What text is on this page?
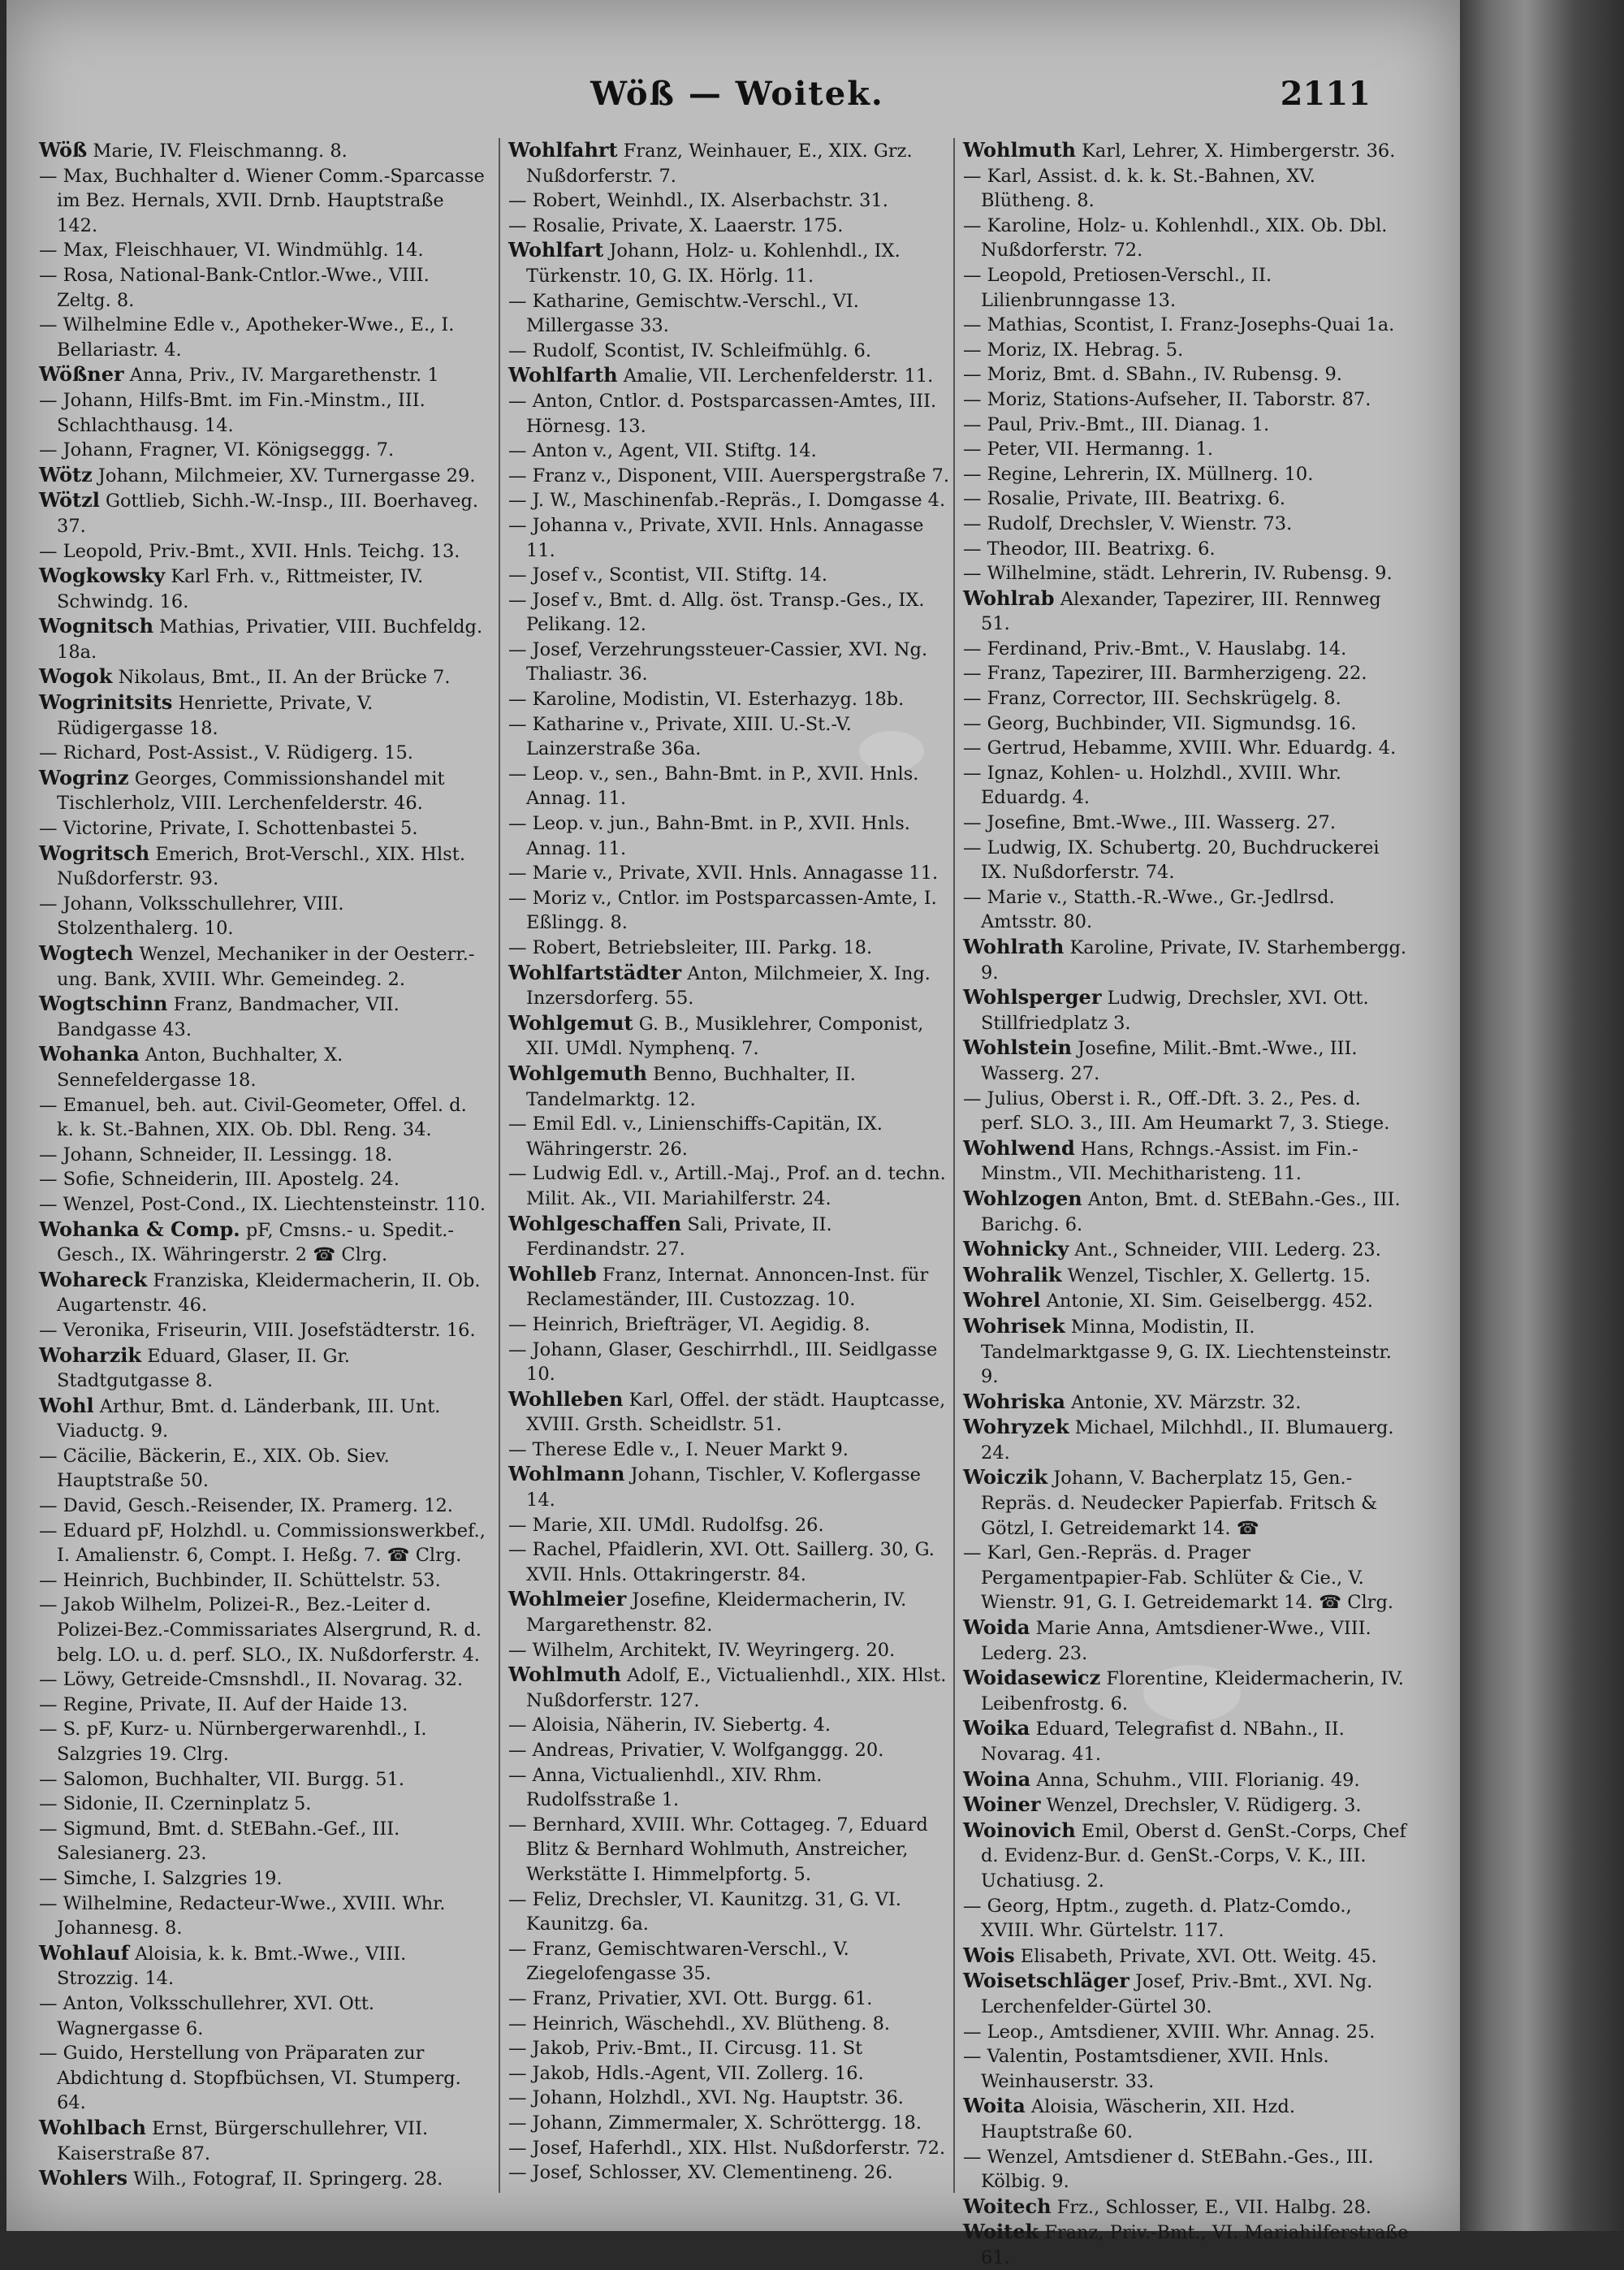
Wöß — Woitek.	2111

Wöß Marie, IV. Fleischmanng. 8.

— Max, Buchhalter d. Wiener Comm.-Sparcasse im Bez. Hernals, XVII. Drnb. Hauptstraße 142.

— Max, Fleischhauer, VI. Windmühlg. 14.

— Rosa, National-Bank-Cntlor.-Wwe., VIII. Zeltg. 8.

— Wilhelmine Edle v., Apotheker-Wwe., E., I. Bellariastr. 4.

Wößner Anna, Priv., IV. Margarethenstr. 1

— Johann, Hilfs-Bmt. im Fin.-Minstm., III. Schlachthausg. 14.

— Johann, Fragner, VI. Königseggg. 7.

Wötz Johann, Milchmeier, XV. Turnergasse 29.

Wötzl Gottlieb, Sichh.-W.-Insp., III. Boerhaveg. 37.

— Leopold, Priv.-Bmt., XVII. Hnls. Teichg. 13.

Wogkowsky Karl Frh. v., Rittmeister, IV. Schwindg. 16.

Wognitsch Mathias, Privatier, VIII. Buchfeldg. 18a.

Wogok Nikolaus, Bmt., II. An der Brücke 7.

Wogrinitsits Henriette, Private, V. Rüdigergasse 18.

— Richard, Post-Assist., V. Rüdigerg. 15.

Wogrinz Georges, Commissionshandel mit Tischlerholz, VIII. Lerchenfelderstr. 46.

— Victorine, Private, I. Schottenbastei 5.

Wogritsch Emerich, Brot-Verschl., XIX. Hlst. Nußdorferstr. 93.

— Johann, Volksschullehrer, VIII. Stolzenthalerg. 10.

Wogtech Wenzel, Mechaniker in der Oesterr.-ung. Bank, XVIII. Whr. Gemeindeg. 2.

Wogtschinn Franz, Bandmacher, VII. Bandgasse 43.

Wohanka Anton, Buchhalter, X. Sennefeldergasse 18.

— Emanuel, beh. aut. Civil-Geometer, Offel. d. k. k. St.-Bahnen, XIX. Ob. Dbl. Reng. 34.

— Johann, Schneider, II. Lessingg. 18.

— Sofie, Schneiderin, III. Apostelg. 24.

— Wenzel, Post-Cond., IX. Liechtensteinstr. 110.

Wohanka & Comp. pF, Cmsns.- u. Spedit.-Gesch., IX. Währingerstr. 2 ☎ Clrg.

Wohareck Franziska, Kleidermacherin, II. Ob. Augartenstr. 46.

— Veronika, Friseurin, VIII. Josefstädterstr. 16.

Woharzik Eduard, Glaser, II. Gr. Stadtgutgasse 8.

Wohl Arthur, Bmt. d. Länderbank, III. Unt. Viaductg. 9.

— Cäcilie, Bäckerin, E., XIX. Ob. Siev. Hauptstraße 50.

— David, Gesch.-Reisender, IX. Pramerg. 12.

— Eduard pF, Holzhdl. u. Commissionswerkbef., I. Amalienstr. 6, Compt. I. Heßg. 7. ☎ Clrg.

— Heinrich, Buchbinder, II. Schüttelstr. 53.

— Jakob Wilhelm, Polizei-R., Bez.-Leiter d. Polizei-Bez.-Commissariates Alsergrund, R. d. belg. LO. u. d. perf. SLO., IX. Nußdorferstr. 4.

— Löwy, Getreide-Cmsnshdl., II. Novarag. 32.

— Regine, Private, II. Auf der Haide 13.

— S. pF, Kurz- u. Nürnbergerwarenhdl., I. Salzgries 19. Clrg.

— Salomon, Buchhalter, VII. Burgg. 51.

— Sidonie, II. Czerninplatz 5.

— Sigmund, Bmt. d. StEBahn.-Gef., III. Salesianerg. 23.

— Simche, I. Salzgries 19.

— Wilhelmine, Redacteur-Wwe., XVIII. Whr. Johannesg. 8.

Wohlauf Aloisia, k. k. Bmt.-Wwe., VIII. Strozzig. 14.

— Anton, Volksschullehrer, XVI. Ott. Wagnergasse 6.

— Guido, Herstellung von Präparaten zur Abdichtung d. Stopfbüchsen, VI. Stumperg. 64.

Wohlbach Ernst, Bürgerschullehrer, VII. Kaiserstraße 87.

Wohlers Wilh., Fotograf, II. Springerg. 28.

Wohlfahrt Franz, Weinhauer, E., XIX. Grz. Nußdorferstr. 7.

— Robert, Weinhdl., IX. Alserbachstr. 31.

— Rosalie, Private, X. Laaerstr. 175.

Wohlfart Johann, Holz- u. Kohlenhdl., IX. Türkenstr. 10, G. IX. Hörlg. 11.

— Katharine, Gemischtw.-Verschl., VI. Millergasse 33.

— Rudolf, Scontist, IV. Schleifmühlg. 6.

Wohlfarth Amalie, VII. Lerchenfelderstr. 11.

— Anton, Cntlor. d. Postsparcassen-Amtes, III. Hörnesg. 13.

— Anton v., Agent, VII. Stiftg. 14.

— Franz v., Disponent, VIII. Auerspergstraße 7.

— J. W., Maschinenfab.-Repräs., I. Domgasse 4.

— Johanna v., Private, XVII. Hnls. Annagasse 11.

— Josef v., Scontist, VII. Stiftg. 14.

— Josef v., Bmt. d. Allg. öst. Transp.-Ges., IX. Pelikang. 12.

— Josef, Verzehrungssteuer-Cassier, XVI. Ng. Thaliastr. 36.

— Karoline, Modistin, VI. Esterhazyg. 18b.

— Katharine v., Private, XIII. U.-St.-V. Lainzerstraße 36a.

— Leop. v., sen., Bahn-Bmt. in P., XVII. Hnls. Annag. 11.

— Leop. v. jun., Bahn-Bmt. in P., XVII. Hnls. Annag. 11.

— Marie v., Private, XVII. Hnls. Annagasse 11.

— Moriz v., Cntlor. im Postsparcassen-Amte, I. Eßlingg. 8.

— Robert, Betriebsleiter, III. Parkg. 18.

Wohlfartstädter Anton, Milchmeier, X. Ing. Inzersdorferg. 55.

Wohlgemut G. B., Musiklehrer, Componist, XII. UMdl. Nymphenq. 7.

Wohlgemuth Benno, Buchhalter, II. Tandelmarktg. 12.

— Emil Edl. v., Linienschiffs-Capitän, IX. Währingerstr. 26.

— Ludwig Edl. v., Artill.-Maj., Prof. an d. techn. Milit. Ak., VII. Mariahilferstr. 24.

Wohlgeschaffen Sali, Private, II. Ferdinandstr. 27.

Wohlleb Franz, Internat. Annoncen-Inst. für Reclameständer, III. Custozzag. 10.

— Heinrich, Briefträger, VI. Aegidig. 8.

— Johann, Glaser, Geschirrhdl., III. Seidlgasse 10.

Wohlleben Karl, Offel. der städt. Hauptcasse, XVIII. Grsth. Scheidlstr. 51.

— Therese Edle v., I. Neuer Markt 9.

Wohlmann Johann, Tischler, V. Koflergasse 14.

— Marie, XII. UMdl. Rudolfsg. 26.

— Rachel, Pfaidlerin, XVI. Ott. Saillerg. 30, G. XVII. Hnls. Ottakringerstr. 84.

Wohlmeier Josefine, Kleidermacherin, IV. Margarethenstr. 82.

— Wilhelm, Architekt, IV. Weyringerg. 20.

Wohlmuth Adolf, E., Victualienhdl., XIX. Hlst. Nußdorferstr. 127.

— Aloisia, Näherin, IV. Siebertg. 4.

— Andreas, Privatier, V. Wolfganggg. 20.

— Anna, Victualienhdl., XIV. Rhm. Rudolfsstraße 1.

— Bernhard, XVIII. Whr. Cottageg. 7, Eduard Blitz & Bernhard Wohlmuth, Anstreicher, Werkstätte I. Himmelpfortg. 5.

— Feliz, Drechsler, VI. Kaunitzg. 31, G. VI. Kaunitzg. 6a.

— Franz, Gemischtwaren-Verschl., V. Ziegelofengasse 35.

— Franz, Privatier, XVI. Ott. Burgg. 61.

— Heinrich, Wäschehdl., XV. Blütheng. 8.

— Jakob, Priv.-Bmt., II. Circusg. 11. St

— Jakob, Hdls.-Agent, VII. Zollerg. 16.

— Johann, Holzhdl., XVI. Ng. Hauptstr. 36.

— Johann, Zimmermaler, X. Schröttergg. 18.

— Josef, Haferhdl., XIX. Hlst. Nußdorferstr. 72.

— Josef, Schlosser, XV. Clementineng. 26.

Wohlmuth Karl, Lehrer, X. Himbergerstr. 36.

— Karl, Assist. d. k. k. St.-Bahnen, XV. Blütheng. 8.

— Karoline, Holz- u. Kohlenhdl., XIX. Ob. Dbl. Nußdorferstr. 72.

— Leopold, Pretiosen-Verschl., II. Lilienbrunngasse 13.

— Mathias, Scontist, I. Franz-Josephs-Quai 1a.

— Moriz, IX. Hebrag. 5.

— Moriz, Bmt. d. SBahn., IV. Rubensg. 9.

— Moriz, Stations-Aufseher, II. Taborstr. 87.

— Paul, Priv.-Bmt., III. Dianag. 1.

— Peter, VII. Hermanng. 1.

— Regine, Lehrerin, IX. Müllnerg. 10.

— Rosalie, Private, III. Beatrixg. 6.

— Rudolf, Drechsler, V. Wienstr. 73.

— Theodor, III. Beatrixg. 6.

— Wilhelmine, städt. Lehrerin, IV. Rubensg. 9.

Wohlrab Alexander, Tapezirer, III. Rennweg 51.

— Ferdinand, Priv.-Bmt., V. Hauslabg. 14.

— Franz, Tapezirer, III. Barmherzigeng. 22.

— Franz, Corrector, III. Sechskrügelg. 8.

— Georg, Buchbinder, VII. Sigmundsg. 16.

— Gertrud, Hebamme, XVIII. Whr. Eduardg. 4.

— Ignaz, Kohlen- u. Holzhdl., XVIII. Whr. Eduardg. 4.

— Josefine, Bmt.-Wwe., III. Wasserg. 27.

— Ludwig, IX. Schubertg. 20, Buchdruckerei IX. Nußdorferstr. 74.

— Marie v., Statth.-R.-Wwe., Gr.-Jedlrsd. Amtsstr. 80.

Wohlrath Karoline, Private, IV. Starhembergg. 9.

Wohlsperger Ludwig, Drechsler, XVI. Ott. Stillfriedplatz 3.

Wohlstein Josefine, Milit.-Bmt.-Wwe., III. Wasserg. 27.

— Julius, Oberst i. R., Off.-Dft. 3. 2., Pes. d. perf. SLO. 3., III. Am Heumarkt 7, 3. Stiege.

Wohlwend Hans, Rchngs.-Assist. im Fin.-Minstm., VII. Mechitharisteng. 11.

Wohlzogen Anton, Bmt. d. StEBahn.-Ges., III. Barichg. 6.

Wohnicky Ant., Schneider, VIII. Lederg. 23.

Wohralik Wenzel, Tischler, X. Gellertg. 15.

Wohrel Antonie, XI. Sim. Geiselbergg. 452.

Wohrisek Minna, Modistin, II. Tandelmarktgasse 9, G. IX. Liechtensteinstr. 9.

Wohriska Antonie, XV. Märzstr. 32.

Wohryzek Michael, Milchhdl., II. Blumauerg. 24.

Woiczik Johann, V. Bacherplatz 15, Gen.-Repräs. d. Neudecker Papierfab. Fritsch & Götzl, I. Getreidemarkt 14. ☎

— Karl, Gen.-Repräs. d. Prager Pergamentpapier-Fab. Schlüter & Cie., V. Wienstr. 91, G. I. Getreidemarkt 14. ☎ Clrg.

Woida Marie Anna, Amtsdiener-Wwe., VIII. Lederg. 23.

Woidasewicz Florentine, Kleidermacherin, IV. Leibenfrostg. 6.

Woika Eduard, Telegrafist d. NBahn., II. Novarag. 41.

Woina Anna, Schuhm., VIII. Florianig. 49.

Woiner Wenzel, Drechsler, V. Rüdigerg. 3.

Woinovich Emil, Oberst d. GenSt.-Corps, Chef d. Evidenz-Bur. d. GenSt.-Corps, V. K., III. Uchatiusg. 2.

— Georg, Hptm., zugeth. d. Platz-Comdo., XVIII. Whr. Gürtelstr. 117.

Wois Elisabeth, Private, XVI. Ott. Weitg. 45.

Woisetschläger Josef, Priv.-Bmt., XVI. Ng. Lerchenfelder-Gürtel 30.

— Leop., Amtsdiener, XVIII. Whr. Annag. 25.

— Valentin, Postamtsdiener, XVII. Hnls. Weinhauserstr. 33.

Woita Aloisia, Wäscherin, XII. Hzd. Hauptstraße 60.

— Wenzel, Amtsdiener d. StEBahn.-Ges., III. Kölbig. 9.

Woitech Frz., Schlosser, E., VII. Halbg. 28.

Woitek Franz, Priv.-Bmt., VI. Mariahilferstraße 61.
